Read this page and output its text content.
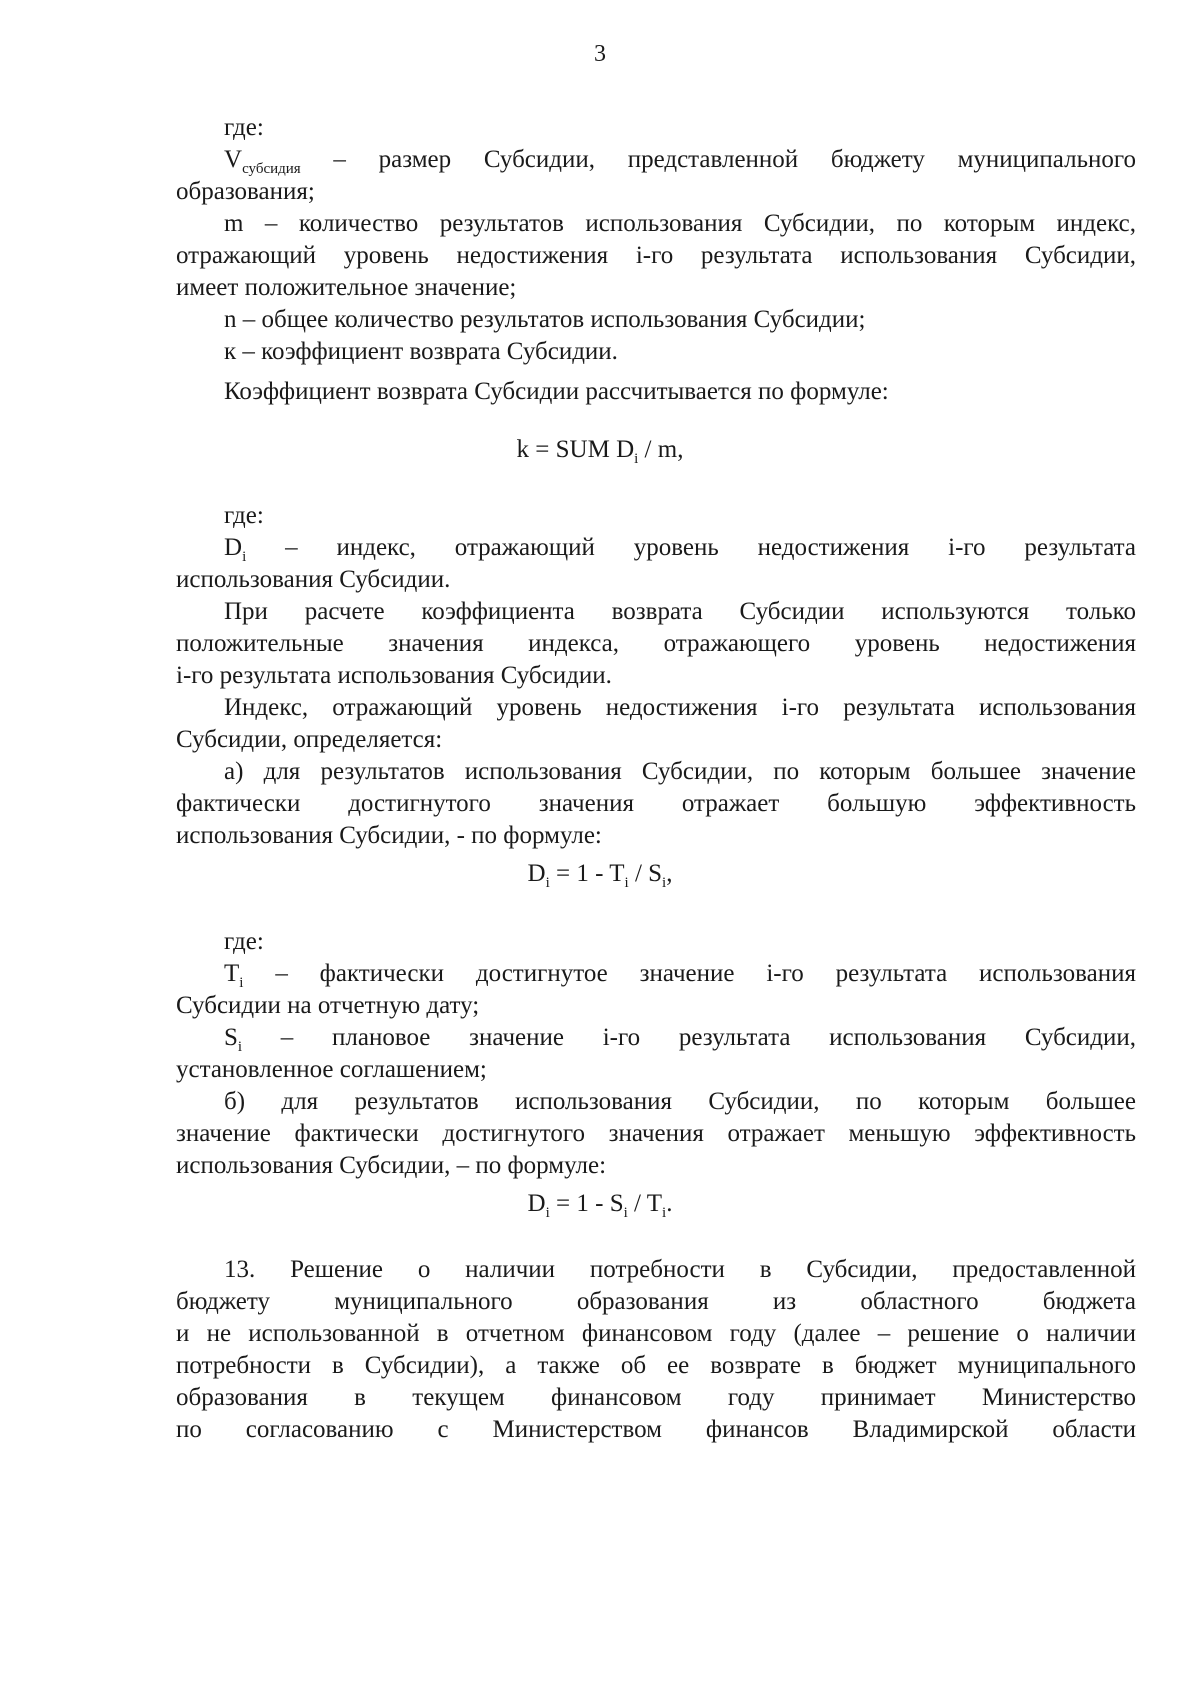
3
где:
$V_{субсидия}$ – размер Субсидии, представленной бюджету муниципального
образования;
m – количество результатов использования Субсидии, по которым индекс,
отражающий уровень недостижения i-го результата использования Субсидии,
имеет положительное значение;
n – общее количество результатов использования Субсидии;
к – коэффициент возврата Субсидии.
Коэффициент возврата Субсидии рассчитывается по формуле:
k = SUM $D_i$ / m,
где:
$D_i$ – индекс, отражающий уровень недостижения i-го результата
использования Субсидии.
При расчете коэффициента возврата Субсидии используются только
положительные значения индекса, отражающего уровень недостижения
i-го результата использования Субсидии.
Индекс, отражающий уровень недостижения i-го результата использования
Субсидии, определяется:
а) для результатов использования Субсидии, по которым большее значение
фактически достигнутого значения отражает большую эффективность
использования Субсидии, - по формуле:
$D_i = 1 - T_i / S_i$,
где:
$T_i$ – фактически достигнутое значение i-го результата использования
Субсидии на отчетную дату;
$S_i$ – плановое значение i-го результата использования Субсидии,
установленное соглашением;
б) для результатов использования Субсидии, по которым большее
значение фактически достигнутого значения отражает меньшую эффективность
использования Субсидии, – по формуле:
$D_i = 1 - S_i / T_i$.
13. Решение о наличии потребности в Субсидии, предоставленной
бюджету муниципального образования из областного бюджета
и не использованной в отчетном финансовом году (далее – решение о наличии
потребности в Субсидии), а также об ее возврате в бюджет муниципального
образования в текущем финансовом году принимает Министерство
по согласованию с Министерством финансов Владимирской области
